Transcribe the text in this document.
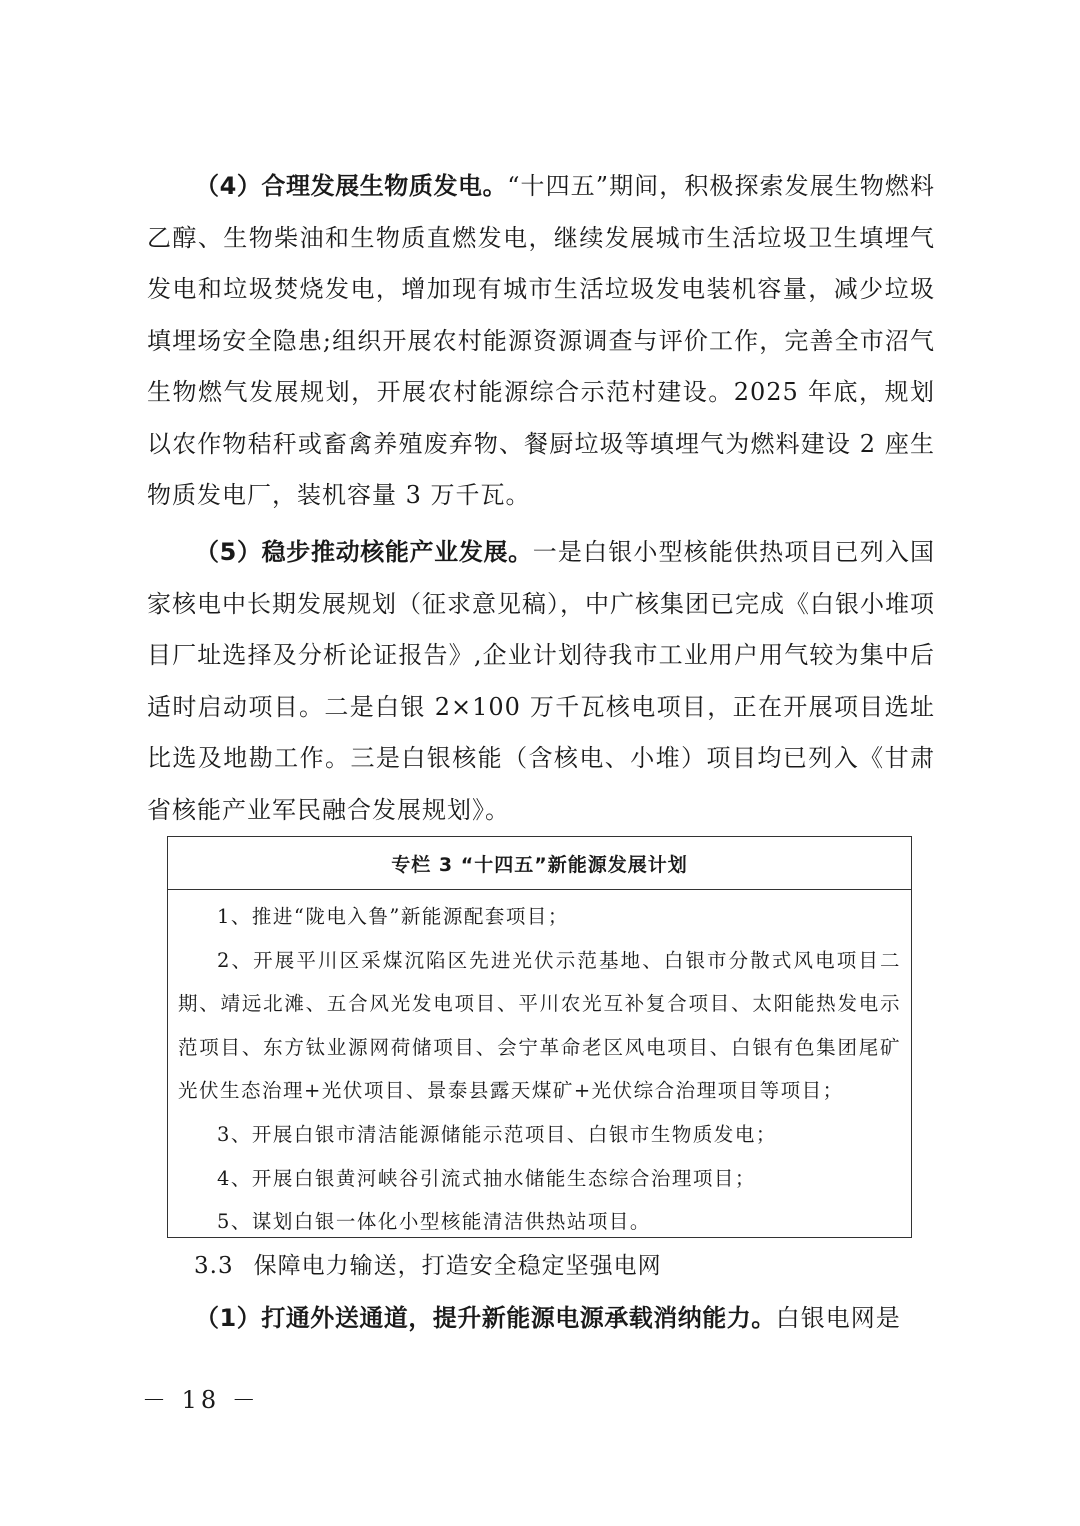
（4）合理发展生物质发电。“十四五”期间，积极探索发展生物燃料乙醇、生物柴油和生物质直燃发电，继续发展城市生活垃圾卫生填埋气发电和垃圾焚烧发电，增加现有城市生活垃圾发电装机容量，减少垃圾填埋场安全隐患;组织开展农村能源资源调查与评价工作，完善全市沼气生物燃气发展规划，开展农村能源综合示范村建设。2025 年底，规划以农作物秸秆或畜禽养殖废弃物、餐厨垃圾等填埋气为燃料建设 2 座生物质发电厂，装机容量 3 万千瓦。

（5）稳步推动核能产业发展。一是白银小型核能供热项目已列入国家核电中长期发展规划（征求意见稿），中广核集团已完成《白银小堆项目厂址选择及分析论证报告》,企业计划待我市工业用户用气较为集中后适时启动项目。二是白银 2×100 万千瓦核电项目，正在开展项目选址比选及地勘工作。三是白银核能（含核电、小堆）项目均已列入《甘肃省核能产业军民融合发展规划》。

专栏 3 “十四五”新能源发展计划
1、推进“陇电入鲁”新能源配套项目；
2、开展平川区采煤沉陷区先进光伏示范基地、白银市分散式风电项目二期、靖远北滩、五合风光发电项目、平川农光互补复合项目、太阳能热发电示范项目、东方钛业源网荷储项目、会宁革命老区风电项目、白银有色集团尾矿光伏生态治理+光伏项目、景泰县露天煤矿+光伏综合治理项目等项目；
3、开展白银市清洁能源储能示范项目、白银市生物质发电；
4、开展白银黄河峡谷引流式抽水储能生态综合治理项目；
5、谋划白银一体化小型核能清洁供热站项目。
3.3 保障电力输送，打造安全稳定坚强电网

（1）打通外送通道，提升新能源电源承载消纳能力。白银电网是

－ 18 －
